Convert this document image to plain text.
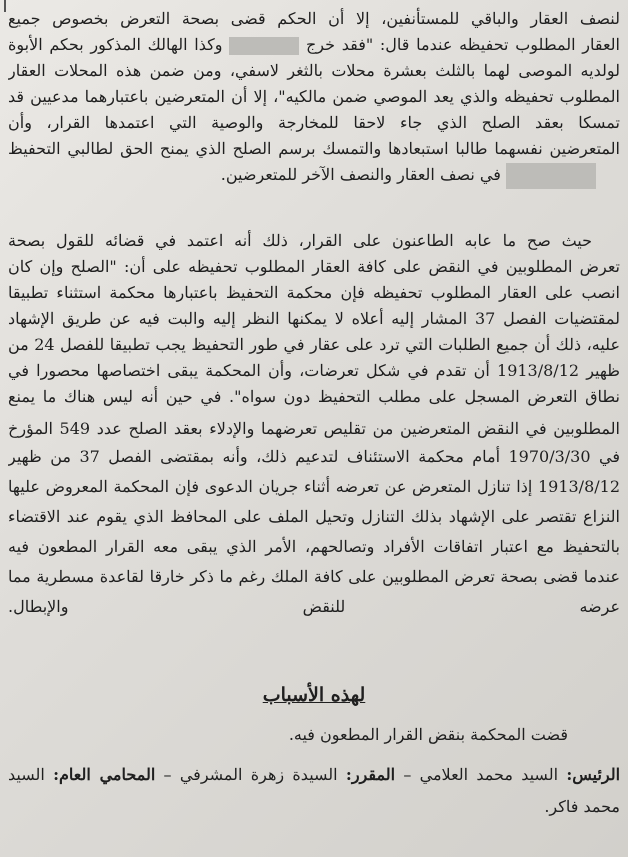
لنصف العقار والباقي للمستأنفين، إلا أن الحكم قضى بصحة التعرض بخصوص جميع
العقار المطلوب تحفيظه عندما قال: "فقد خرج  وكذا الهالك المذكور بحكم الأبوة
لولديه الموصى لهما بالثلث بعشرة محلات بالثغر لاسفي، ومن ضمن هذه المحلات العقار
المطلوب تحفيظه والذي يعد الموصي ضمن مالكيه"، إلا أن المتعرضين باعتبارهما مدعيين قد
تمسكا بعقد الصلح الذي جاء لاحقا للمخارجة والوصية التي اعتمدها القرار، وأن
المتعرضين نفسهما طالبا استبعادها والتمسك برسم الصلح الذي يمنح الحق لطالبي التحفيظ
في نصف العقار والنصف الآخر للمتعرضين.
حيث صح ما عابه الطاعنون على القرار، ذلك أنه اعتمد في قضائه للقول بصحة
تعرض المطلوبين في النقض على كافة العقار المطلوب تحفيظه على أن: "الصلح وإن كان
انصب على العقار المطلوب تحفيظه فإن محكمة التحفيظ باعتبارها محكمة استثناء تطبيقا
لمقتضيات الفصل 37 المشار إليه أعلاه لا يمكنها النظر إليه والبت فيه عن طريق الإشهاد
عليه، ذلك أن جميع الطلبات التي ترد على عقار في طور التحفيظ يجب تطبيقا للفصل 24 من
ظهير 1913/8/12 أن تقدم في شكل تعرضات، وأن المحكمة يبقى اختصاصها محصورا في
نطاق التعرض المسجل على مطلب التحفيظ دون سواه". في حين أنه ليس هناك ما يمنع
المطلوبين في النقض المتعرضين من تقليص تعرضهما والإدلاء بعقد الصلح عدد 549 المؤرخ
في 1970/3/30 أمام محكمة الاستئناف لتدعيم ذلك، وأنه بمقتضى الفصل 37 من ظهير
1913/8/12 إذا تنازل المتعرض عن تعرضه أثناء جريان الدعوى فإن المحكمة المعروض عليها
النزاع تقتصر على الإشهاد بذلك التنازل وتحيل الملف على المحافظ الذي يقوم عند الاقتضاء
بالتحفيظ مع اعتبار اتفاقات الأفراد وتصالحهم، الأمر الذي يبقى معه القرار المطعون فيه
عندما قضى بصحة تعرض المطلوبين على كافة الملك رغم ما ذكر خارقا لقاعدة مسطرية مما
عرضه للنقض والإبطال.
لهذه الأسباب
قضت المحكمة بنقض القرار المطعون فيه.
الرئيس: السيد محمد العلامي – المقرر: السيدة زهرة المشرفي – المحامي العام: السيد
محمد فاكر.
